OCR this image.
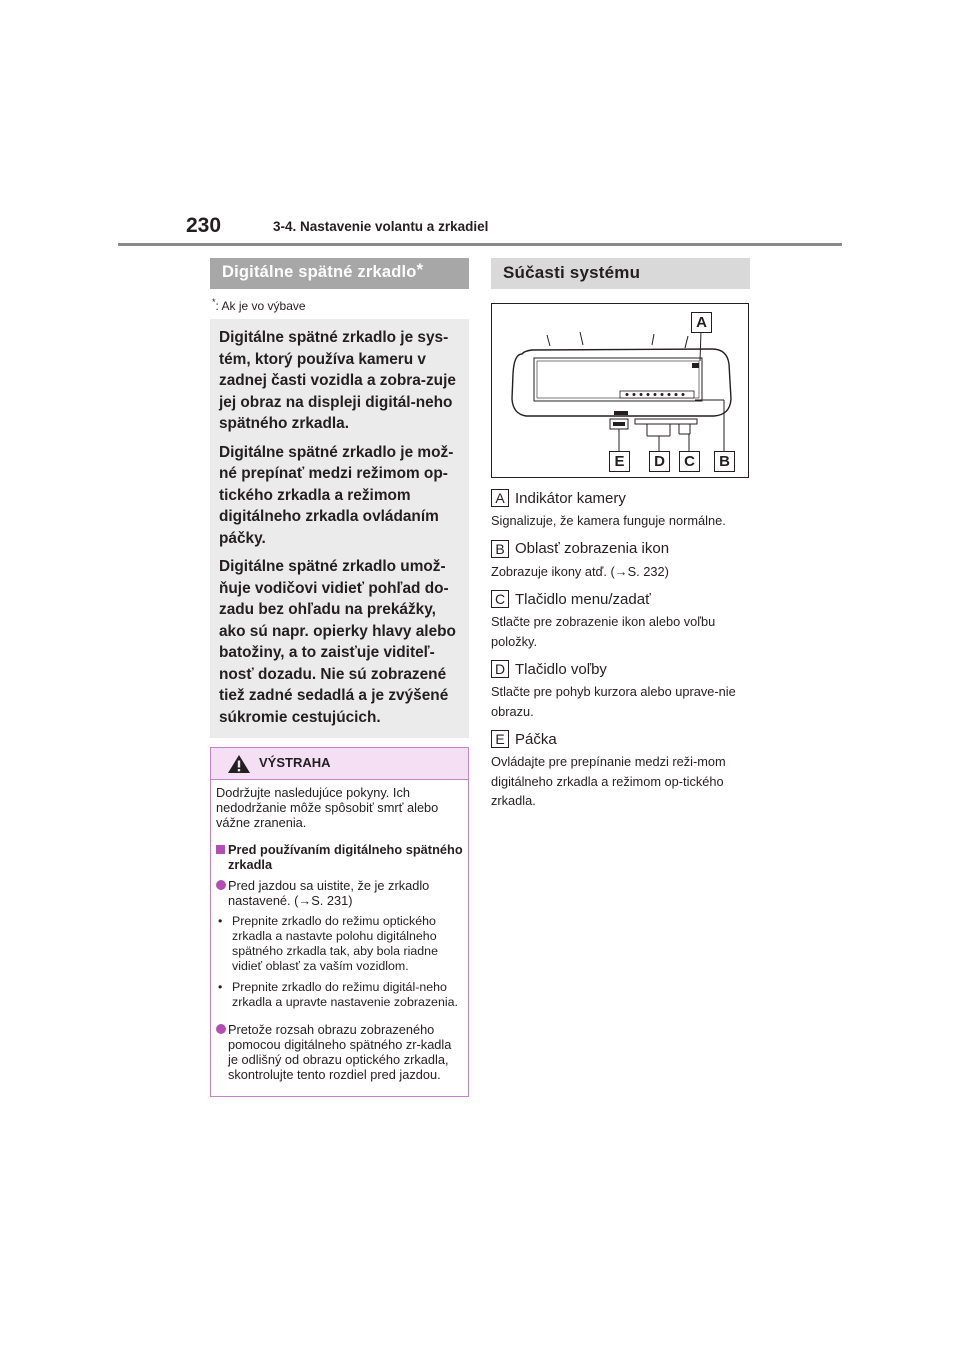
230	3-4. Nastavenie volantu a zrkadiel
Digitálne spätné zrkadlo*
*: Ak je vo výbave

Digitálne spätné zrkadlo je sys-tém, ktorý používa kameru v zadnej časti vozidla a zobra-zuje jej obraz na displeji digitál-neho spätného zrkadla.

Digitálne spätné zrkadlo je mož-né prepínať medzi režimom op-tického zrkadla a režimom digitálneho zrkadla ovládaním páčky.

Digitálne spätné zrkadlo umož-ňuje vodičovi vidieť pohľad do-zadu bez ohľadu na prekážky, ako sú napr. opierky hlavy alebo batožiny, a to zaisťuje viditeľ-nosť dozadu. Nie sú zobrazené tiež zadné sedadlá a je zvýšené súkromie cestujúcich.

VÝSTRAHA

Dodržujte nasledujúce pokyny. Ich nedodržanie môže spôsobiť smrť alebo vážne zranenia.

Pred používaním digitálneho spätného zrkadla
Pred jazdou sa uistite, že je zrkadlo nastavené. (→S. 231)
• Prepnite zrkadlo do režimu optického zrkadla a nastavte polohu digitálneho spätného zrkadla tak, aby bola riadne vidieť oblasť za vaším vozidlom.
• Prepnite zrkadlo do režimu digitál-neho zrkadla a upravte nastavenie zobrazenia.
Pretože rozsah obrazu zobrazeného pomocou digitálneho spätného zr-kadla je odlišný od obrazu optického zrkadla, skontrolujte tento rozdiel pred jazdou.
Súčasti systému
A
E	D	C	B
A Indikátor kamery
Signalizuje, že kamera funguje normálne.
B Oblasť zobrazenia ikon
Zobrazuje ikony atď. (→S. 232)
C Tlačidlo menu/zadať
Stlačte pre zobrazenie ikon alebo voľbu položky.
D Tlačidlo voľby
Stlačte pre pohyb kurzora alebo uprave-nie obrazu.
E Páčka
Ovládajte pre prepínanie medzi reži-mom digitálneho zrkadla a režimom op-tického zrkadla.
